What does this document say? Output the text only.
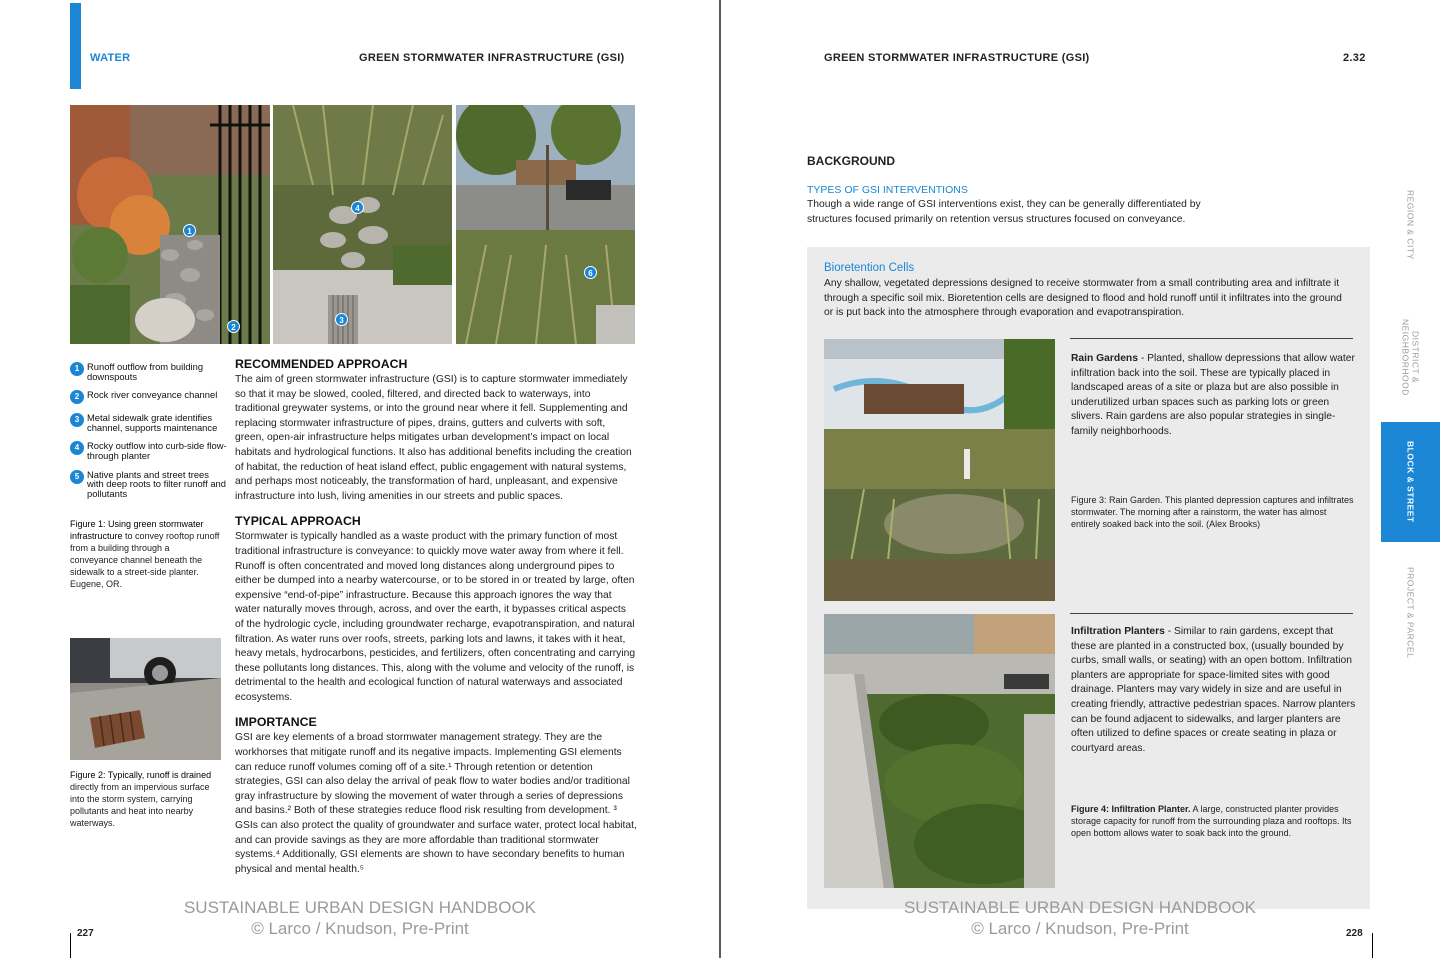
WATER	GREEN STORMWATER INFRASTRUCTURE (GSI)
1
2
4
3
6
1 Runoff outflow from building downspouts
2 Rock river conveyance channel
3 Metal sidewalk grate identifies channel, supports maintenance
4 Rocky outflow into curb-side flow-through planter
5 Native plants and street trees with deep roots to filter runoff and pollutants
Figure 1: Using green stormwater infrastructure to convey rooftop runoff from a building through a conveyance channel beneath the sidewalk to a street-side planter. Eugene, OR.
Figure 2: Typically, runoff is drained directly from an impervious surface into the storm system, carrying pollutants and heat into nearby waterways.
RECOMMENDED APPROACH
The aim of green stormwater infrastructure (GSI) is to capture stormwater immediately so that it may be slowed, cooled, filtered, and directed back to waterways, into traditional greywater systems, or into the ground near where it fell. Supplementing and replacing stormwater infrastructure of pipes, drains, gutters and culverts with soft, green, open-air infrastructure helps mitigates urban development’s impact on local habitats and hydrological functions. It also has additional benefits including the creation of habitat, the reduction of heat island effect, public engagement with natural systems, and perhaps most noticeably, the transformation of hard, unpleasant, and expensive infrastructure into lush, living amenities in our streets and public spaces.
TYPICAL APPROACH
Stormwater is typically handled as a waste product with the primary function of most traditional infrastructure is conveyance: to quickly move water away from where it fell. Runoff is often concentrated and moved long distances along underground pipes to either be dumped into a nearby watercourse, or to be stored in or treated by large, often expensive “end-of-pipe” infrastructure. Because this approach ignores the way that water naturally moves through, across, and over the earth, it bypasses critical aspects of the hydrologic cycle, including groundwater recharge, evapotranspiration, and natural filtration. As water runs over roofs, streets, parking lots and lawns, it takes with it heat, heavy metals, hydrocarbons, pesticides, and fertilizers, often concentrating and carrying these pollutants long distances. This, along with the volume and velocity of the runoff, is detrimental to the health and ecological function of natural waterways and associated ecosystems.
IMPORTANCE
GSI are key elements of a broad stormwater management strategy. They are the workhorses that mitigate runoff and its negative impacts. Implementing GSI elements can reduce runoff volumes coming off of a site.¹ Through retention or detention strategies, GSI can also delay the arrival of peak flow to water bodies and/or traditional gray infrastructure by slowing the movement of water through a series of depressions and basins.² Both of these strategies reduce flood risk resulting from development. ³ GSIs can also protect the quality of groundwater and surface water, protect local habitat, and can provide savings as they are more affordable than traditional stormwater systems.⁴ Additionally, GSI elements are shown to have secondary benefits to human physical and mental health.⁵
SUSTAINABLE URBAN DESIGN HANDBOOK
© Larco / Knudson, Pre-Print
227
GREEN STORMWATER INFRASTRUCTURE (GSI)	2.32
BACKGROUND
TYPES OF GSI INTERVENTIONS
Though a wide range of GSI interventions exist, they can be generally differentiated by structures focused primarily on retention versus structures focused on conveyance.
Bioretention Cells
Any shallow, vegetated depressions designed to receive stormwater from a small contributing area and infiltrate it through a specific soil mix. Bioretention cells are designed to flood and hold runoff until it infiltrates into the ground or is put back into the atmosphere through evaporation and evapotranspiration.
Rain Gardens - Planted, shallow depressions that allow water infiltration back into the soil. These are typically placed in landscaped areas of a site or plaza but are also possible in underutilized urban spaces such as parking lots or green slivers. Rain gardens are also popular strategies in single-family neighborhoods.
Figure 3: Rain Garden. This planted depression captures and infiltrates stormwater. The morning after a rainstorm, the water has almost entirely soaked back into the soil. (Alex Brooks)
Infiltration Planters - Similar to rain gardens, except that these are planted in a constructed box, (usually bounded by curbs, small walls, or seating) with an open bottom. Infiltration planters are appropriate for space-limited sites with good drainage. Planters may vary widely in size and are useful in creating friendly, attractive pedestrian spaces. Narrow planters can be found adjacent to sidewalks, and larger planters are often utilized to define spaces or create seating in plaza or courtyard areas.
Figure 4: Infiltration Planter. A large, constructed planter provides storage capacity for runoff from the surrounding plaza and rooftops. Its open bottom allows water to soak back into the ground.
REGION & CITY
DISTRICT & NEIGHBORHOOD
BLOCK & STREET
PROJECT & PARCEL
SUSTAINABLE URBAN DESIGN HANDBOOK
© Larco / Knudson, Pre-Print	228
